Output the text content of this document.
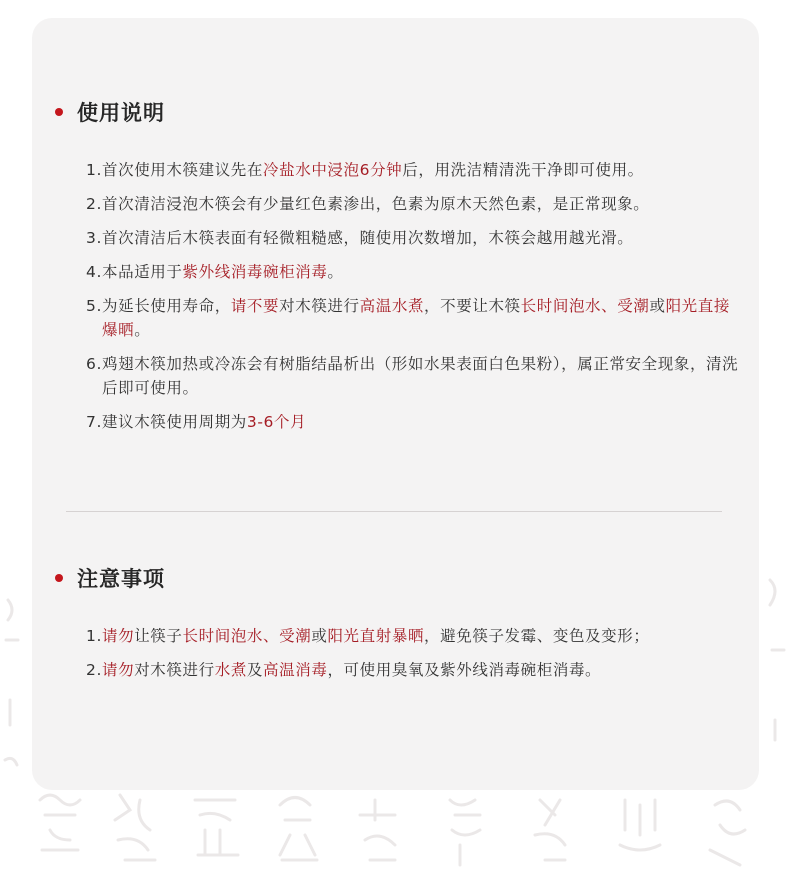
使用说明
1. 首次使用木筷建议先在冷盐水中浸泡6分钟后，用洗洁精清洗干净即可使用。
2. 首次清洁浸泡木筷会有少量红色素渗出，色素为原木天然色素，是正常现象。
3. 首次清洁后木筷表面有轻微粗糙感，随使用次数增加，木筷会越用越光滑。
4. 本品适用于紫外线消毒碗柜消毒。
5. 为延长使用寿命，请不要对木筷进行高温水煮，不要让木筷长时间泡水、受潮或阳光直接爆晒。
6. 鸡翅木筷加热或冷冻会有树脂结晶析出（形如水果表面白色果粉），属正常安全现象，清洗后即可使用。
7. 建议木筷使用周期为3-6个月
注意事项
1. 请勿让筷子长时间泡水、受潮或阳光直射暴晒，避免筷子发霉、变色及变形；
2. 请勿对木筷进行水煮及高温消毒，可使用臭氧及紫外线消毒碗柜消毒。
